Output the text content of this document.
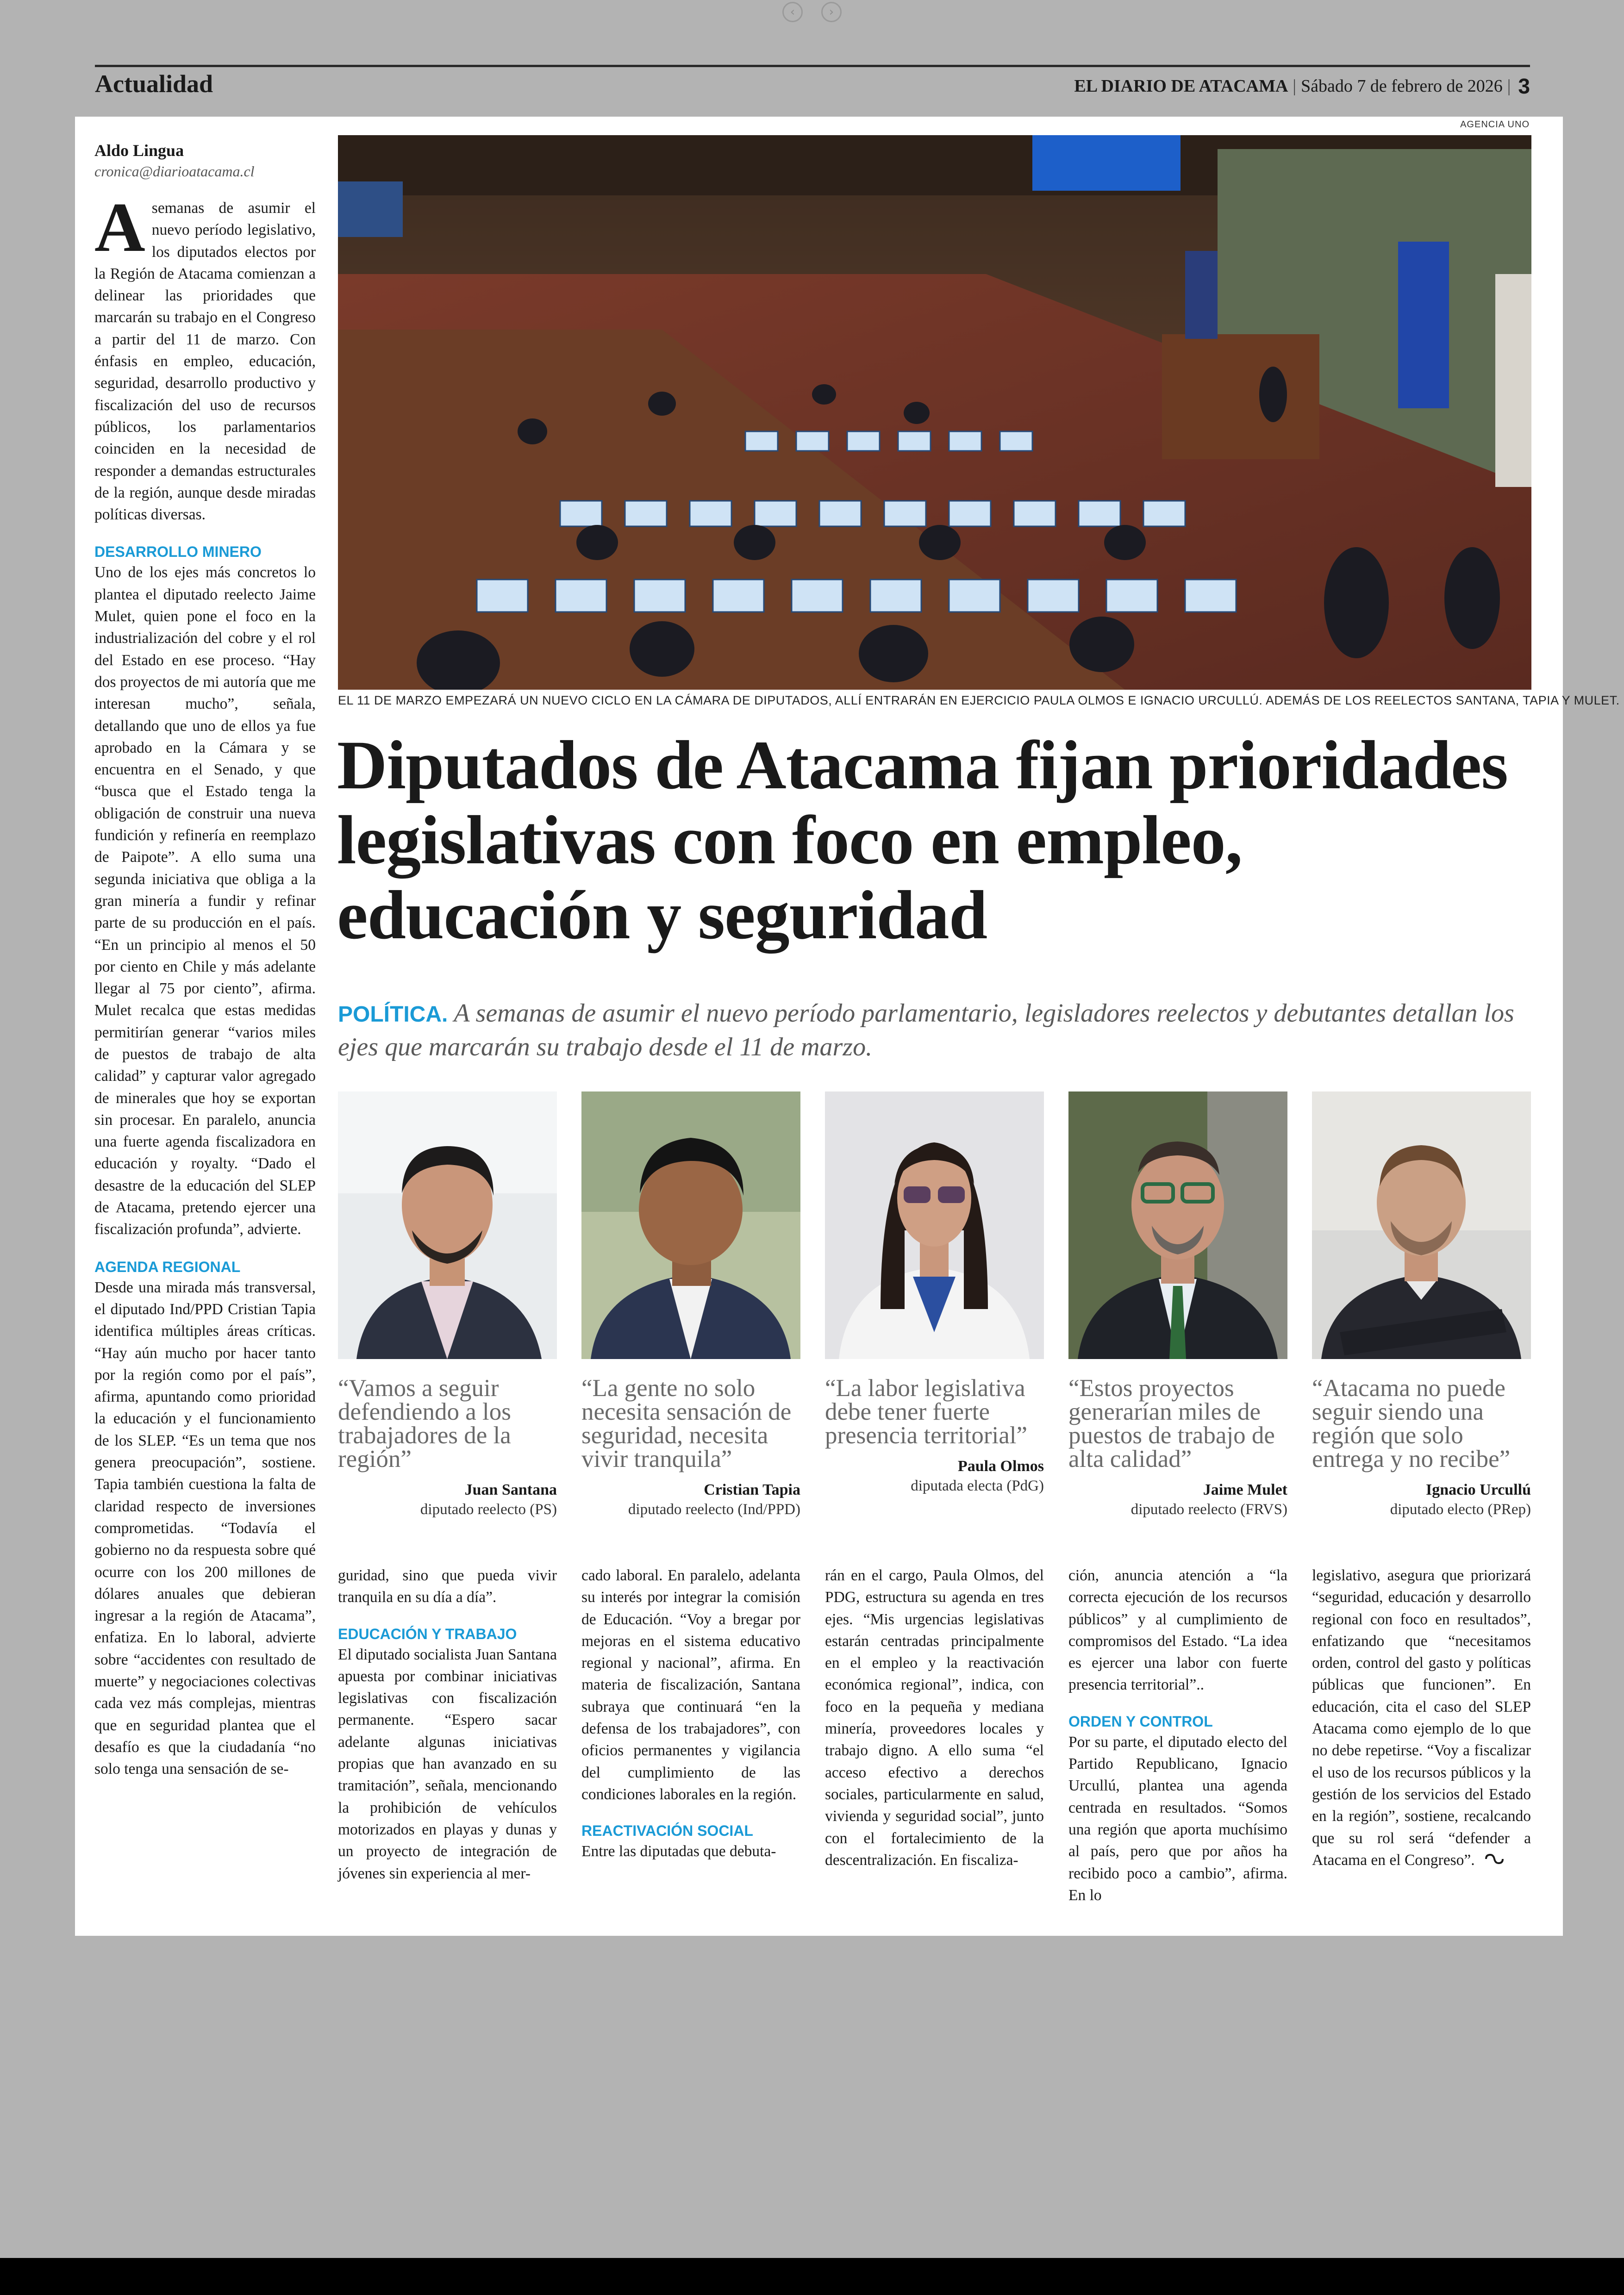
‹	›
Actualidad	EL DIARIO DE ATACAMA | Sábado 7 de febrero de 2026 | 3
AGENCIA UNO
Aldo Lingua
cronica@diarioatacama.cl

Asemanas de asumir el nuevo período legislativo, los diputados electos por la Región de Atacama comienzan a delinear las prioridades que marcarán su trabajo en el Congreso a partir del 11 de marzo. Con énfasis en empleo, educación, seguridad, desarrollo productivo y fiscalización del uso de recursos públicos, los parlamentarios coinciden en la necesidad de responder a demandas estructurales de la región, aunque desde miradas políticas diversas.

DESARROLLO MINERO

Uno de los ejes más concretos lo plantea el diputado reelecto Jaime Mulet, quien pone el foco en la industrialización del cobre y el rol del Estado en ese proceso. “Hay dos proyectos de mi autoría que me interesan mucho”, señala, detallando que uno de ellos ya fue aprobado en la Cámara y se encuentra en el Senado, y que “busca que el Estado tenga la obligación de construir una nueva fundición y refinería en reemplazo de Paipote”. A ello suma una segunda iniciativa que obliga a la gran minería a fundir y refinar parte de su producción en el país. “En un principio al menos el 50 por ciento en Chile y más adelante llegar al 75 por ciento”, afirma. Mulet recalca que estas medidas permitirían generar “varios miles de puestos de trabajo de alta calidad” y capturar valor agregado de minerales que hoy se exportan sin procesar. En paralelo, anuncia una fuerte agenda fiscalizadora en educación y royalty. “Dado el desastre de la educación del SLEP de Atacama, pretendo ejercer una fiscalización profunda”, advierte.

AGENDA REGIONAL

Desde una mirada más transversal, el diputado Ind/PPD Cristian Tapia identifica múltiples áreas críticas. “Hay aún mucho por hacer tanto por la región como por el país”, afirma, apuntando como prioridad la educación y el funcionamiento de los SLEP. “Es un tema que nos genera preocupación”, sostiene. Tapia también cuestiona la falta de claridad respecto de inversiones comprometidas. “Todavía el gobierno no da respuesta sobre qué ocurre con los 200 millones de dólares anuales que debieran ingresar a la región de Atacama”, enfatiza. En lo laboral, advierte sobre “accidentes con resultado de muerte” y negociaciones colectivas cada vez más complejas, mientras que en seguridad plantea que el desafío es que la ciudadanía “no solo tenga una sensación de se-

EL 11 DE MARZO EMPEZARÁ UN NUEVO CICLO EN LA CÁMARA DE DIPUTADOS, ALLÍ ENTRARÁN EN EJERCICIO PAULA OLMOS E IGNACIO URCULLÚ. ADEMÁS DE LOS REELECTOS SANTANA, TAPIA Y MULET.
Diputados de Atacama fijan prioridades legislativas con foco en empleo, educación y seguridad
POLÍTICA. A semanas de asumir el nuevo período parlamentario, legisladores reelectos y debutantes detallan los ejes que marcarán su trabajo desde el 11 de marzo.
“Vamos a seguir defendiendo a los trabajadores de la región”
Juan Santana
diputado reelecto (PS)
“La gente no solo necesita sensación de seguridad, necesita vivir tranquila”
Cristian Tapia
diputado reelecto (Ind/PPD)
“La labor legislativa debe tener fuerte presencia territorial”
Paula Olmos
diputada electa (PdG)
“Estos proyectos generarían miles de puestos de trabajo de alta calidad”
Jaime Mulet
diputado reelecto (FRVS)
“Atacama no puede seguir siendo una región que solo entrega y no recibe”
Ignacio Urcullú
diputado electo (PRep)

guridad, sino que pueda vivir tranquila en su día a día”.

EDUCACIÓN Y TRABAJO

El diputado socialista Juan Santana apuesta por combinar iniciativas legislativas con fiscalización permanente. “Espero sacar adelante algunas iniciativas propias que han avanzado en su tramitación”, señala, mencionando la prohibición de vehículos motorizados en playas y dunas y un proyecto de integración de jóvenes sin experiencia al mer-

cado laboral. En paralelo, adelanta su interés por integrar la comisión de Educación. “Voy a bregar por mejoras en el sistema educativo regional y nacional”, afirma. En materia de fiscalización, Santana subraya que continuará “en la defensa de los trabajadores”, con oficios permanentes y vigilancia del cumplimiento de las condiciones laborales en la región.

REACTIVACIÓN SOCIAL

Entre las diputadas que debuta-

rán en el cargo, Paula Olmos, del PDG, estructura su agenda en tres ejes. “Mis urgencias legislativas estarán centradas principalmente en el empleo y la reactivación económica regional”, indica, con foco en la pequeña y mediana minería, proveedores locales y trabajo digno. A ello suma “el acceso efectivo a derechos sociales, particularmente en salud, vivienda y seguridad social”, junto con el fortalecimiento de la descentralización. En fiscaliza-

ción, anuncia atención a “la correcta ejecución de los recursos públicos” y al cumplimiento de compromisos del Estado. “La idea es ejercer una labor con fuerte presencia territorial”..

ORDEN Y CONTROL

Por su parte, el diputado electo del Partido Republicano, Ignacio Urcullú, plantea una agenda centrada en resultados. “Somos una región que aporta muchísimo al país, pero que por años ha recibido poco a cambio”, afirma. En lo

legislativo, asegura que priorizará “seguridad, educación y desarrollo regional con foco en resultados”, enfatizando que “necesitamos orden, control del gasto y políticas públicas que funcionen”. En educación, cita el caso del SLEP Atacama como ejemplo de lo que no debe repetirse. “Voy a fiscalizar el uso de los recursos públicos y la gestión de los servicios del Estado en la región”, sostiene, recalcando que su rol será “defender a Atacama en el Congreso”.
